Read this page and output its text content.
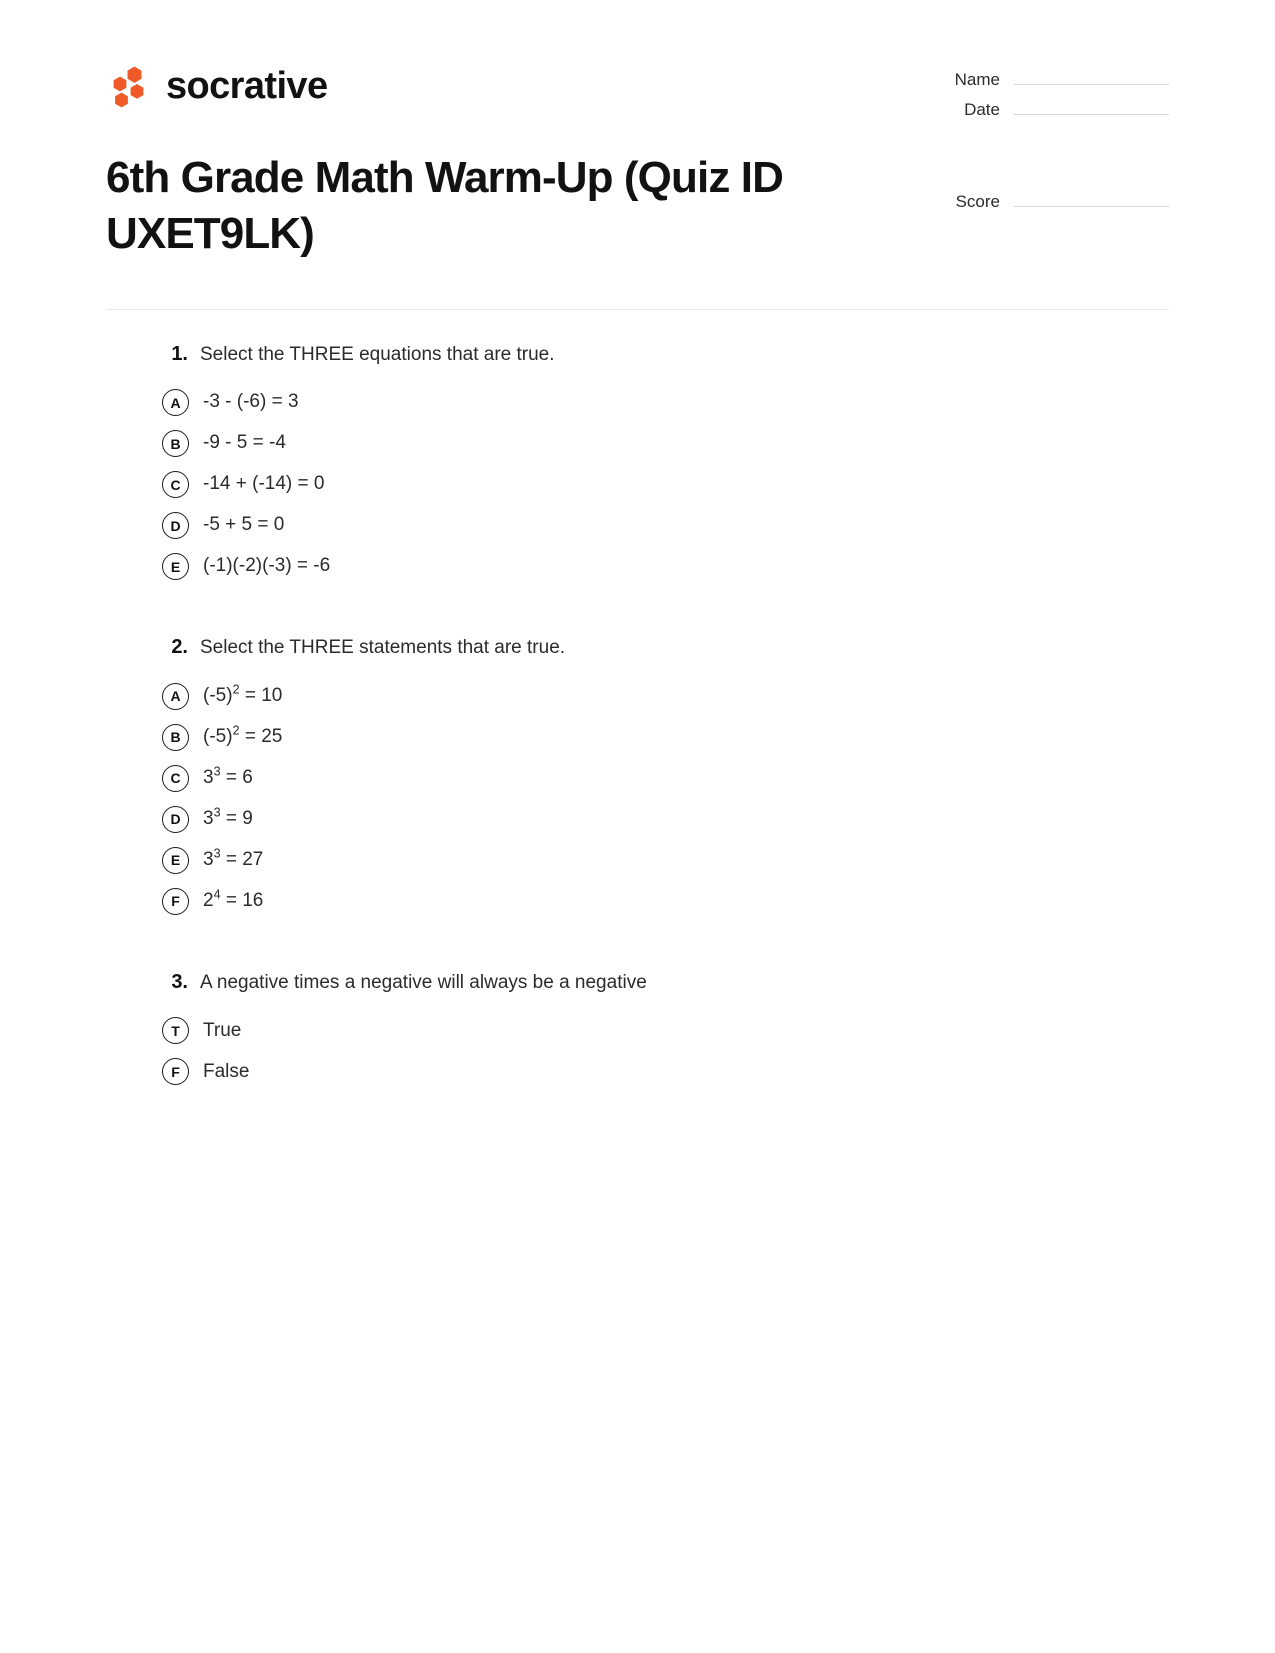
socrative	Name
Date
Score
6th Grade Math Warm-Up (Quiz ID UXET9LK)
1. Select the THREE equations that are true.
A	-3 - (-6) = 3
B	-9 - 5 = -4
C	-14 + (-14) = 0
D	-5 + 5 = 0
E	(-1)(-2)(-3) = -6
2. Select the THREE statements that are true.
A	$(-5)^2 = 10$
B	$(-5)^2 = 25$
C	$3^3 = 6$
D	$3^3 = 9$
E	$3^3 = 27$
F	$2^4 = 16$
3. A negative times a negative will always be a negative
T	True
F	False
